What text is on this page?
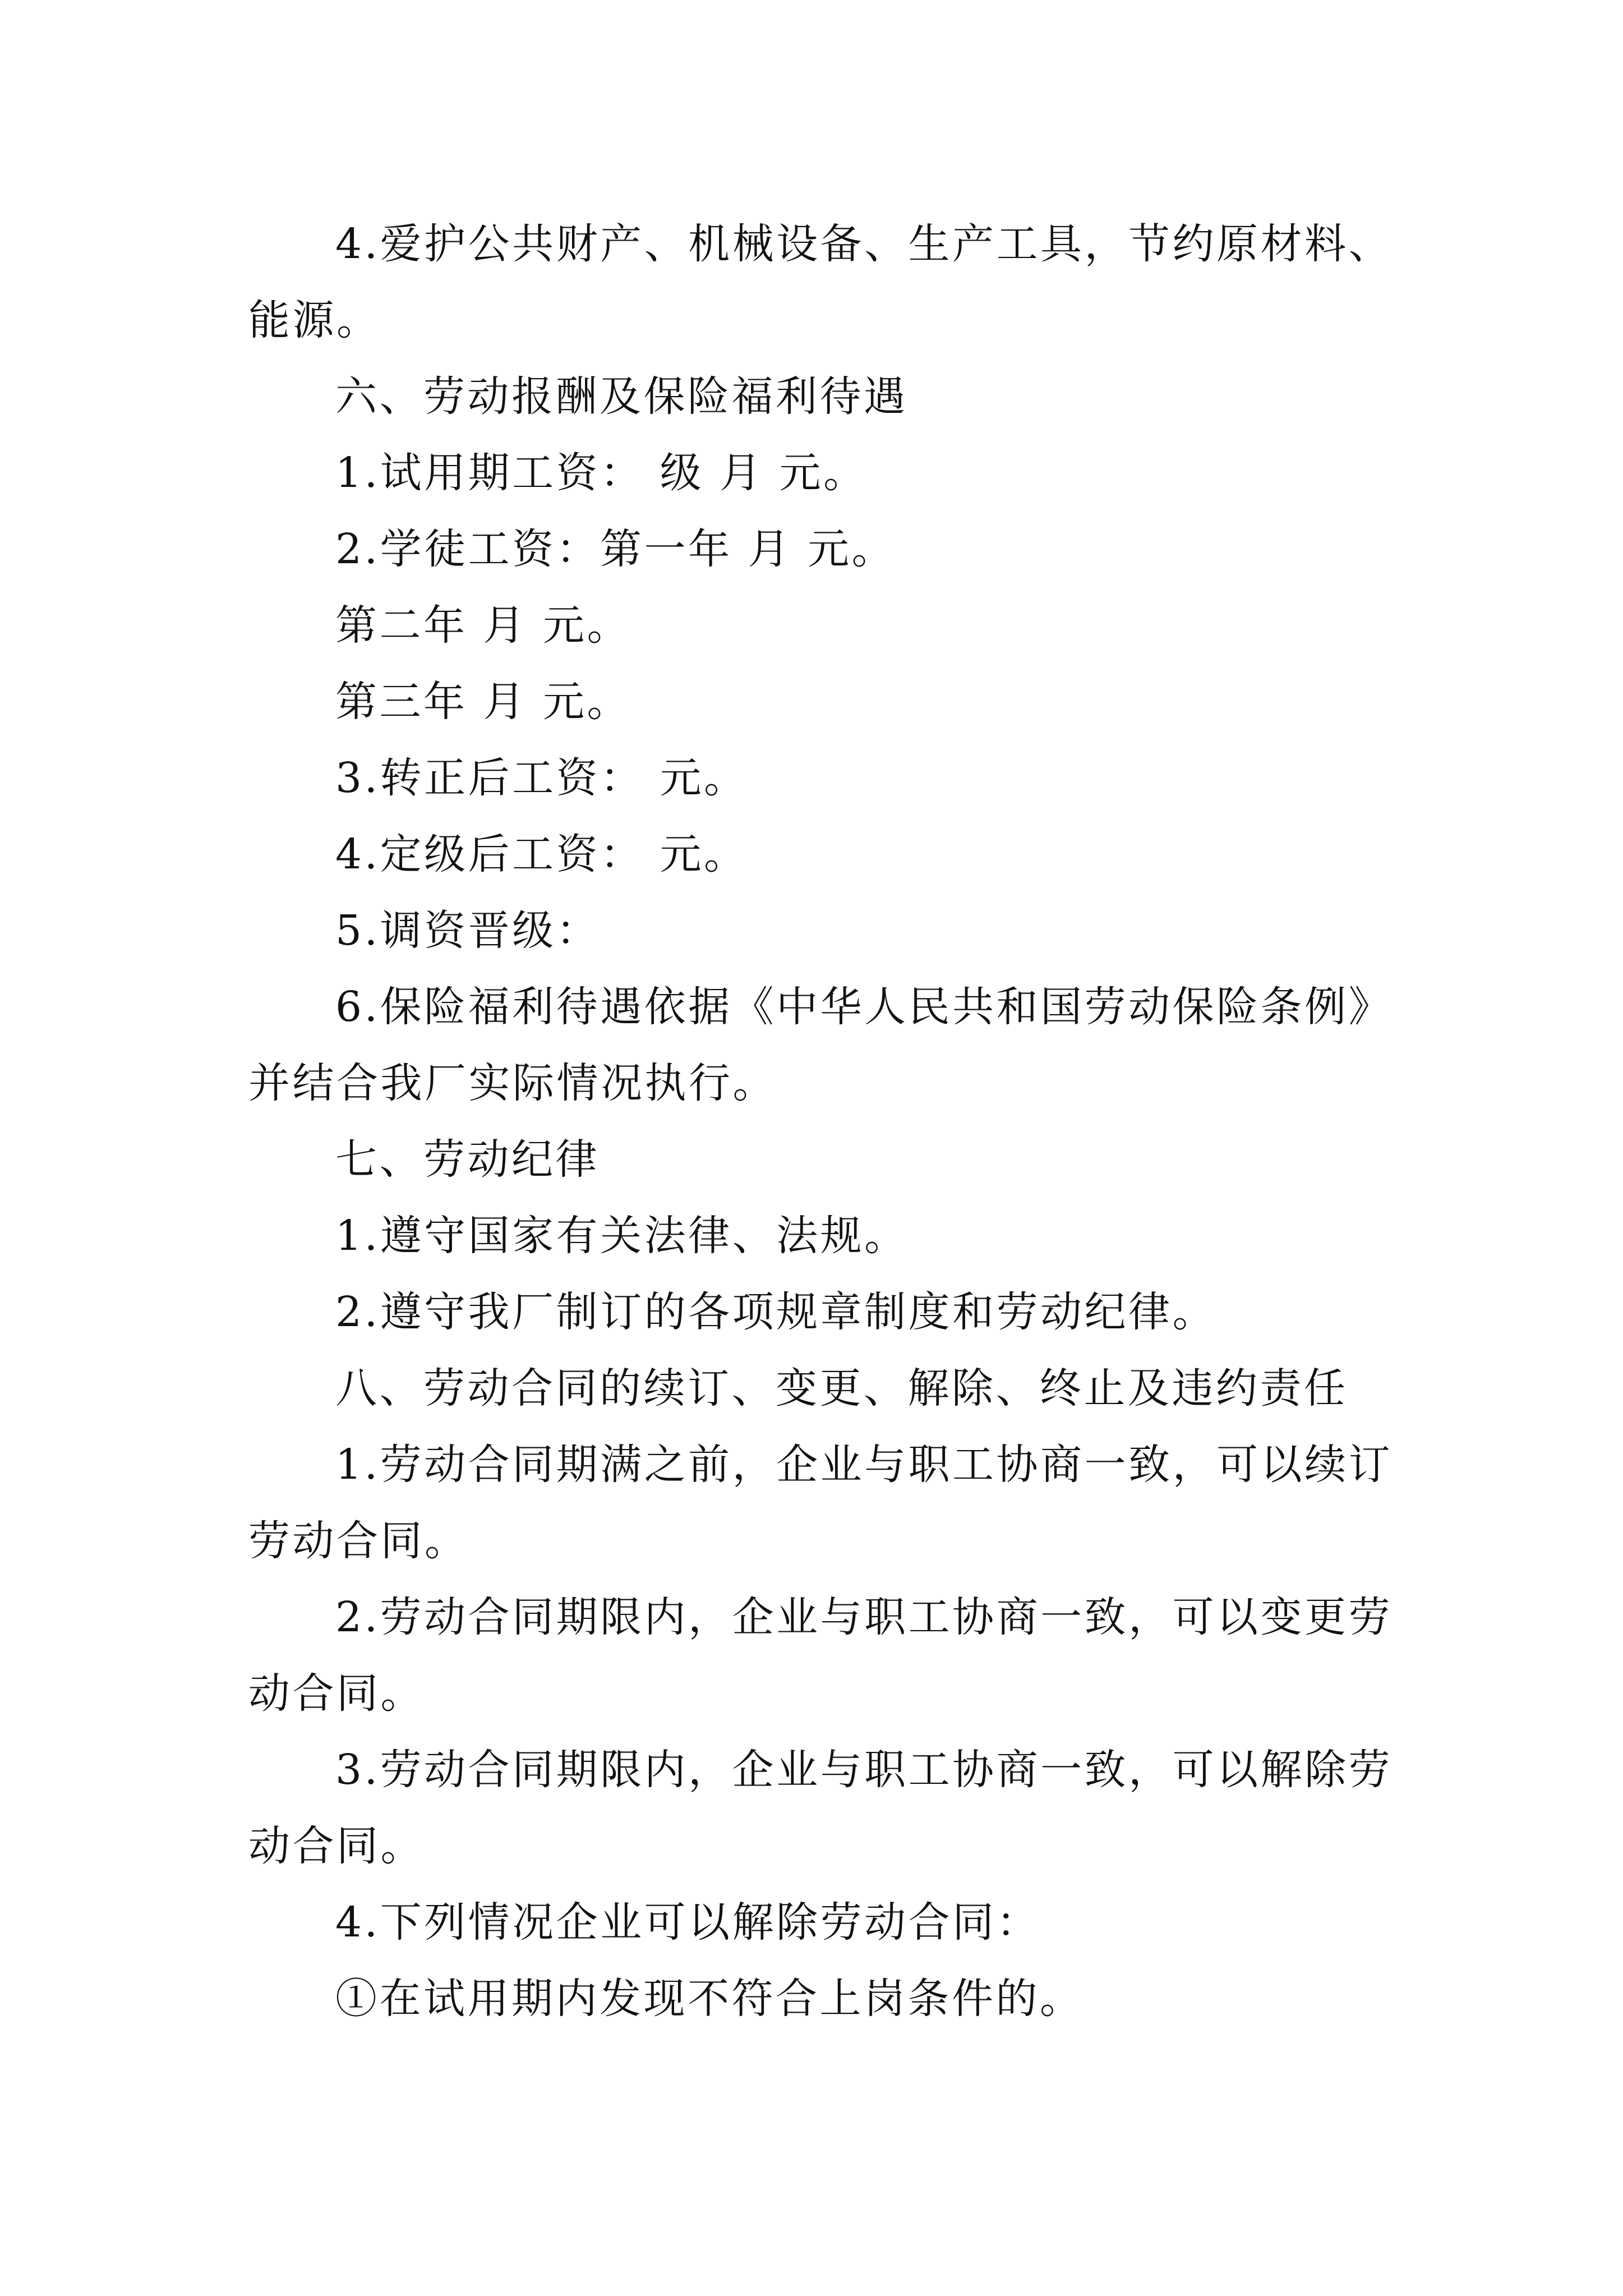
4.爱护公共财产、机械设备、生产工具，节约原材料、
能源。
六、劳动报酬及保险福利待遇
1.试用期工资： 级 月 元。
2.学徒工资：第一年 月 元。
第二年 月 元。
第三年 月 元。
3.转正后工资： 元。
4.定级后工资： 元。
5.调资晋级：
6.保险福利待遇依据《中华人民共和国劳动保险条例》
并结合我厂实际情况执行。
七、劳动纪律
1.遵守国家有关法律、法规。
2.遵守我厂制订的各项规章制度和劳动纪律。
八、劳动合同的续订、变更、解除、终止及违约责任
1.劳动合同期满之前，企业与职工协商一致，可以续订
劳动合同。
2.劳动合同期限内，企业与职工协商一致，可以变更劳
动合同。
3.劳动合同期限内，企业与职工协商一致，可以解除劳
动合同。
4.下列情况企业可以解除劳动合同：
①在试用期内发现不符合上岗条件的。
